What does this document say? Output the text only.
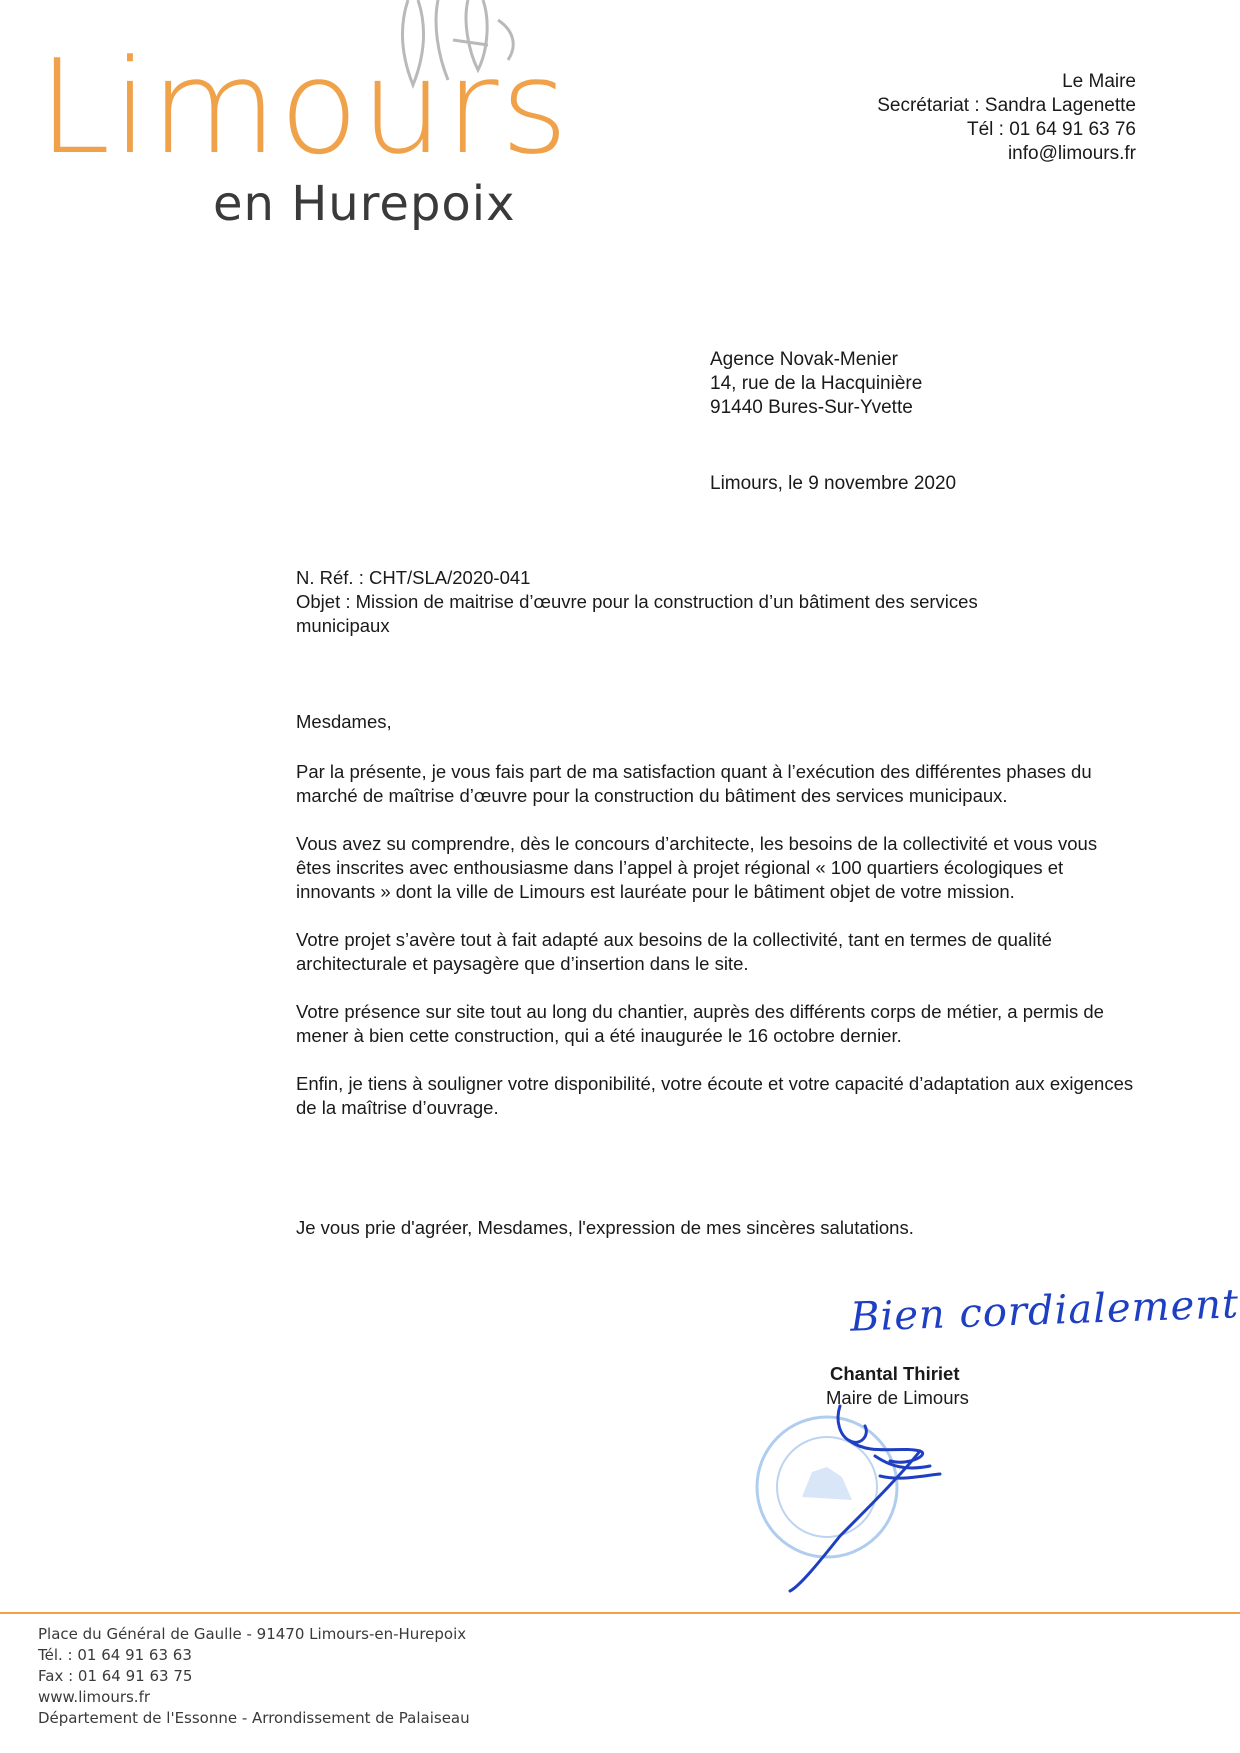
Limours
en Hurepoix
Le Maire
Secrétariat : Sandra Lagenette
Tél : 01 64 91 63 76
info@limours.fr
Agence Novak-Menier
14, rue de la Hacquinière
91440 Bures-Sur-Yvette
Limours, le 9 novembre 2020
N. Réf. : CHT/SLA/2020-041
Objet : Mission de maitrise d’œuvre pour la construction d’un bâtiment des services
municipaux

Mesdames,

Par la présente, je vous fais part de ma satisfaction quant à l’exécution des différentes phases du marché de maîtrise d’œuvre pour la construction du bâtiment des services municipaux.

Vous avez su comprendre, dès le concours d’architecte, les besoins de la collectivité et vous vous êtes inscrites avec enthousiasme dans l’appel à projet régional « 100 quartiers écologiques et innovants » dont la ville de Limours est lauréate pour le bâtiment objet de votre mission.

Votre projet s’avère tout à fait adapté aux besoins de la collectivité, tant en termes de qualité architecturale et paysagère que d’insertion dans le site.

Votre présence sur site tout au long du chantier, auprès des différents corps de métier, a permis de mener à bien cette construction, qui a été inaugurée le 16 octobre dernier.

Enfin, je tiens à souligner votre disponibilité, votre écoute et votre capacité d’adaptation aux exigences de la maîtrise d’ouvrage.

Je vous prie d'agréer, Mesdames, l'expression de mes sincères salutations.
Bien cordialement
Chantal Thiriet
Maire de Limours
Place du Général de Gaulle - 91470 Limours-en-Hurepoix
Tél. : 01 64 91 63 63
Fax : 01 64 91 63 75
www.limours.fr
Département de l'Essonne - Arrondissement de Palaiseau
